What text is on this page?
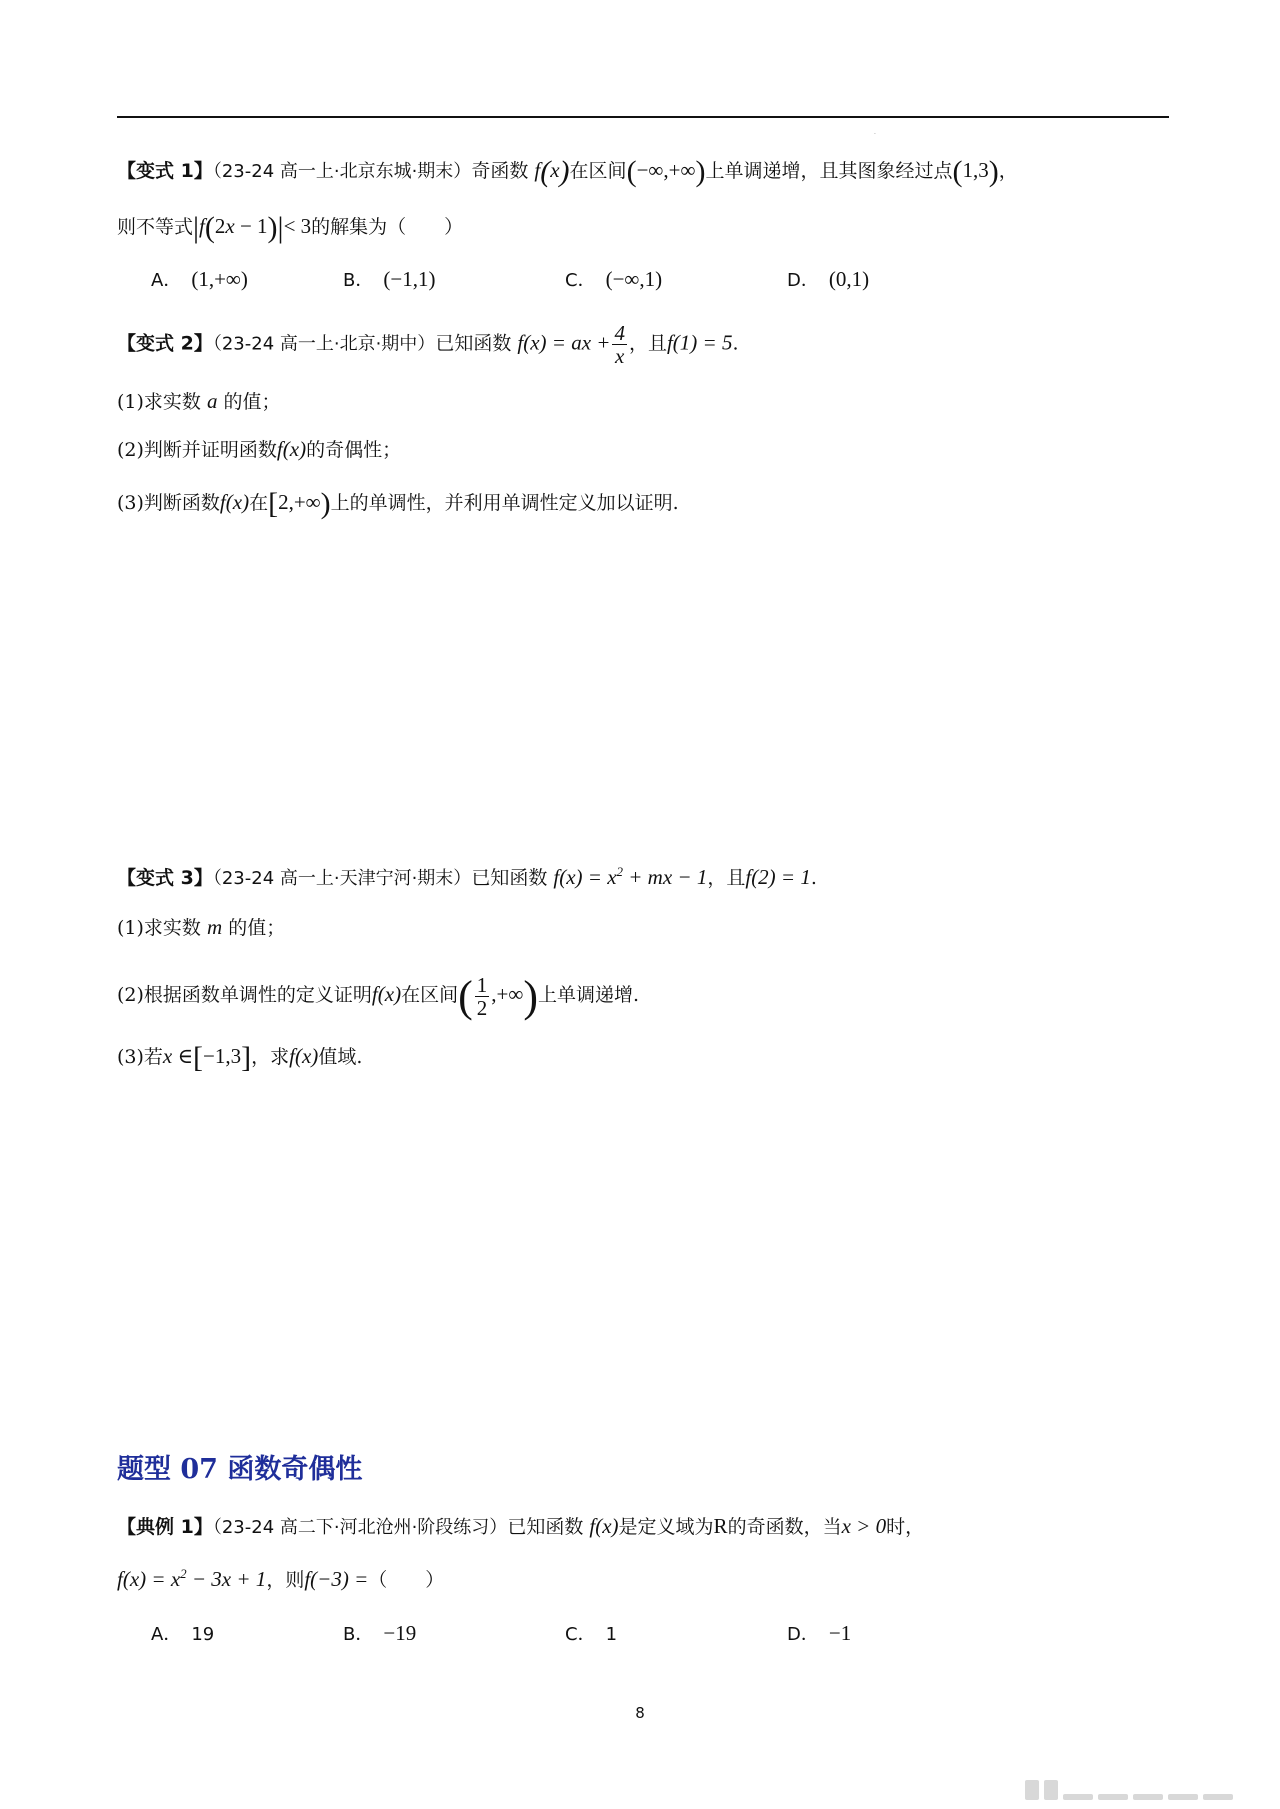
·
【变式 1】（23-24 高一上·北京东城·期末）奇函数 f(x)在区间(−∞,+∞)上单调递增，且其图象经过点(1,3)，
则不等式|f(2x − 1)|< 3的解集为（　　）
A． (1,+∞)	B． (−1,1)	C． (−∞,1)	D． (0,1)
【变式 2】（23-24 高一上·北京·期中）已知函数 f(x) = ax + $\frac{4}{x}$ ，且f(1) = 5.
(1)求实数 a 的值；
(2)判断并证明函数f(x)的奇偶性；
(3)判断函数f(x)在[2,+∞)上的单调性，并利用单调性定义加以证明.
【变式 3】（23-24 高一上·天津宁河·期末）已知函数 $f(x) = x^2$ + mx − 1，且f(2) = 1.
(1)求实数 m 的值；
(2)根据函数单调性的定义证明f(x)在区间( $\frac{1}{2}$ ,+∞)上单调递增.
(3)若x ∈[−1,3]，求f(x)值域.
题型 07 函数奇偶性
【典例 1】（23-24 高二下·河北沧州·阶段练习）已知函数 f(x)是定义域为R的奇函数，当x > 0时，
$f(x) = x^2 - 3x + 1$，则f(−3) =（　　）
A． 19	B． −19	C． 1	D． −1
8
